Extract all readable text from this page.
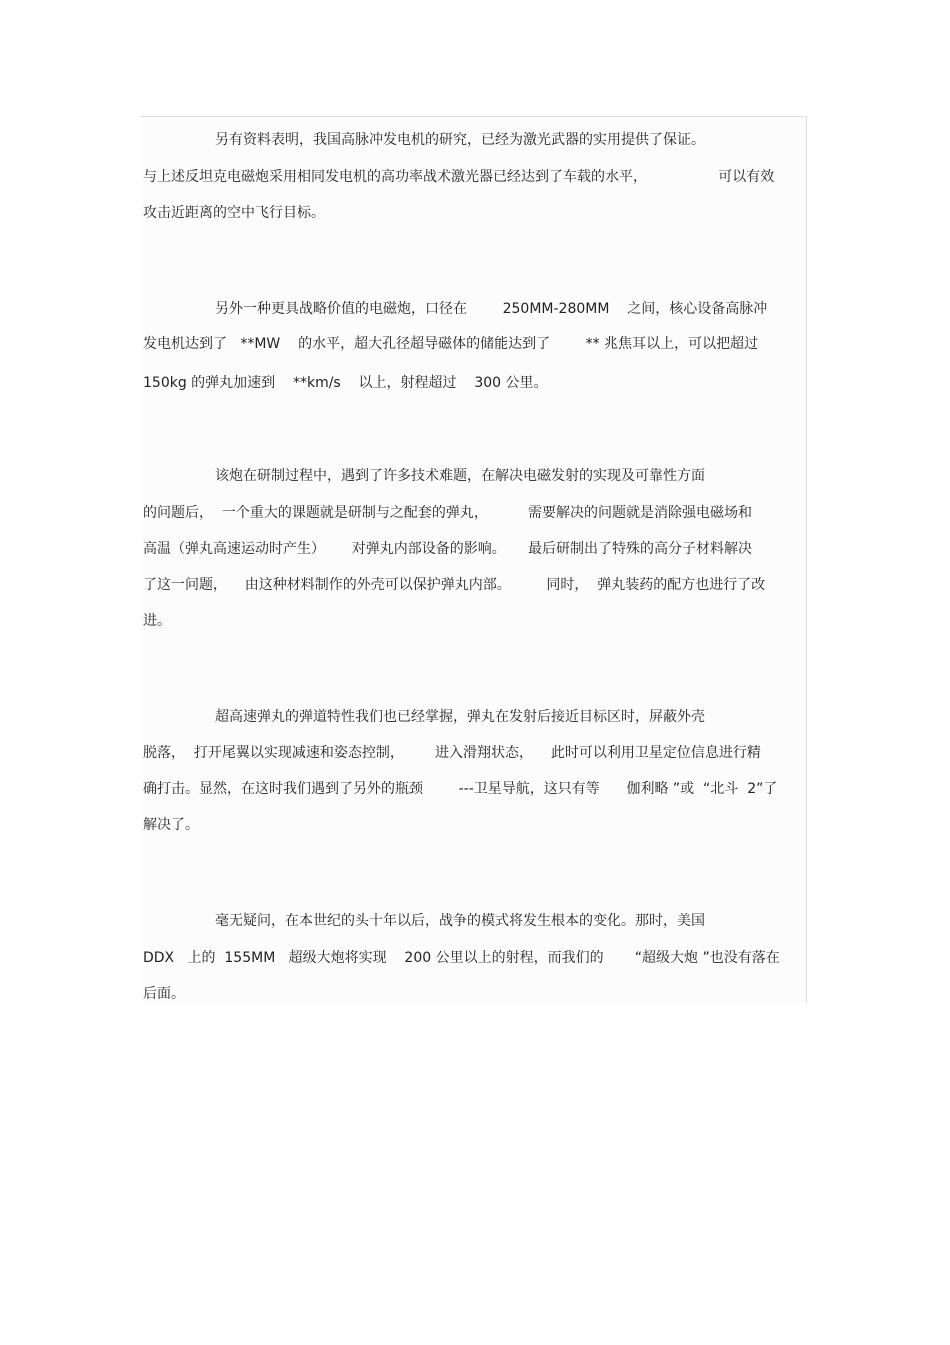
另有资料表明，我国高脉冲发电机的研究，已经为激光武器的实用提供了保证。
与上述反坦克电磁炮采用相同发电机的高功率战术激光器已经达到了车载的水平，                可以有效
攻击近距离的空中飞行目标。
另外一种更具战略价值的电磁炮，口径在        250MM-280MM    之间，核心设备高脉冲
发电机达到了   **MW    的水平，超大孔径超导磁体的储能达到了        ** 兆焦耳以上，可以把超过
150kg 的弹丸加速到    **km/s    以上，射程超过    300 公里。
该炮在研制过程中，遇到了许多技术难题，在解决电磁发射的实现及可靠性方面
的问题后，  一个重大的课题就是研制与之配套的弹丸，         需要解决的问题就是消除强电磁场和
高温（弹丸高速运动时产生）      对弹丸内部设备的影响。     最后研制出了特殊的高分子材料解决
了这一问题，    由这种材料制作的外壳可以保护弹丸内部。        同时，  弹丸装药的配方也进行了改
进。
超高速弹丸的弹道特性我们也已经掌握，弹丸在发射后接近目标区时，屏蔽外壳
脱落，  打开尾翼以实现减速和姿态控制，       进入滑翔状态，    此时可以利用卫星定位信息进行精
确打击。显然，在这时我们遇到了另外的瓶颈        ---卫星导航，这只有等      伽利略 ”或  “北斗  2”了
解决了。
毫无疑问，在本世纪的头十年以后，战争的模式将发生根本的变化。那时，美国
DDX   上的  155MM   超级大炮将实现    200 公里以上的射程，而我们的       “超级大炮 ”也没有落在
后面。
